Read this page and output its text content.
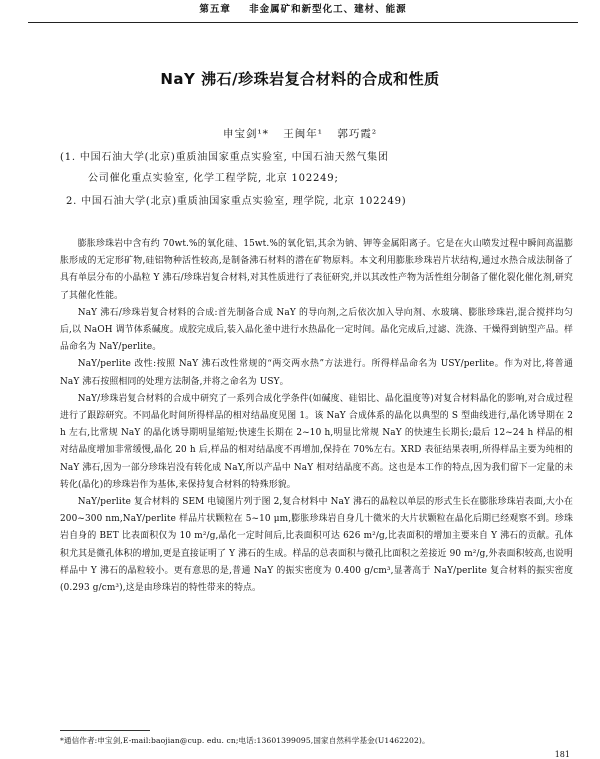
第五章 非金属矿和新型化工、建材、能源
NaY 沸石/珍珠岩复合材料的合成和性质
申宝剑¹* 王闽年¹ 郭巧霞²
(1. 中国石油大学(北京)重质油国家重点实验室, 中国石油天然气集团
公司催化重点实验室, 化学工程学院, 北京 102249;
2. 中国石油大学(北京)重质油国家重点实验室, 理学院, 北京 102249)

膨胀珍珠岩中含有约 70wt.%的氧化硅、15wt.%的氧化铝,其余为钠、钾等金属阳离子。它是在火山喷发过程中瞬间高温膨胀形成的无定形矿物,硅铝物种活性较高,是制备沸石材料的潜在矿物原料。本文利用膨胀珍珠岩片状结构,通过水热合成法制备了具有单层分布的小晶粒 Y 沸石/珍珠岩复合材料,对其性质进行了表征研究,并以其改性产物为活性组分制备了催化裂化催化剂,研究了其催化性能。

NaY 沸石/珍珠岩复合材料的合成:首先制备合成 NaY 的导向剂,之后依次加入导向剂、水玻璃、膨胀珍珠岩,混合搅拌均匀后,以 NaOH 调节体系碱度。成胶完成后,装入晶化釜中进行水热晶化一定时间。晶化完成后,过滤、洗涤、干燥得到钠型产品。样品命名为 NaY/perlite。

NaY/perlite 改性:按照 NaY 沸石改性常规的“两交两水热”方法进行。所得样品命名为 USY/perlite。作为对比,将普通 NaY 沸石按照相同的处理方法制备,并将之命名为 USY。

NaY/珍珠岩复合材料的合成中研究了一系列合成化学条件(如碱度、硅铝比、晶化温度等)对复合材料晶化的影响,对合成过程进行了跟踪研究。不同晶化时间所得样品的相对结晶度见图 1。该 NaY 合成体系的晶化以典型的 S 型曲线进行,晶化诱导期在 2 h 左右,比常规 NaY 的晶化诱导期明显缩短;快速生长期在 2~10 h,明显比常规 NaY 的快速生长期长;最后 12~24 h 样品的相对结晶度增加非常缓慢,晶化 20 h 后,样品的相对结晶度不再增加,保持在 70%左右。XRD 表征结果表明,所得样品主要为纯相的 NaY 沸石,因为一部分珍珠岩没有转化成 NaY,所以产品中 NaY 相对结晶度不高。这也是本工作的特点,因为我们留下一定量的未转化(晶化)的珍珠岩作为基体,来保持复合材料的特殊形貌。

NaY/perlite 复合材料的 SEM 电镜图片列于图 2,复合材料中 NaY 沸石的晶粒以单层的形式生长在膨胀珍珠岩表面,大小在 200~300 nm,NaY/perlite 样品片状颗粒在 5~10 μm,膨胀珍珠岩自身几十微米的大片状颗粒在晶化后期已经观察不到。珍珠岩自身的 BET 比表面积仅为 10 m²/g,晶化一定时间后,比表面积可达 626 m²/g,比表面积的增加主要来自 Y 沸石的贡献。孔体积尤其是微孔体积的增加,更是直接证明了 Y 沸石的生成。样品的总表面积与微孔比面积之差接近 90 m²/g,外表面积较高,也说明样品中 Y 沸石的晶粒较小。更有意思的是,普通 NaY 的振实密度为 0.400 g/cm³,显著高于 NaY/perlite 复合材料的振实密度(0.293 g/cm³),这是由珍珠岩的特性带来的特点。

*通信作者:申宝剑,E-mail:baojian@cup. edu. cn;电话:13601399095,国家自然科学基金(U1462202)。
181
